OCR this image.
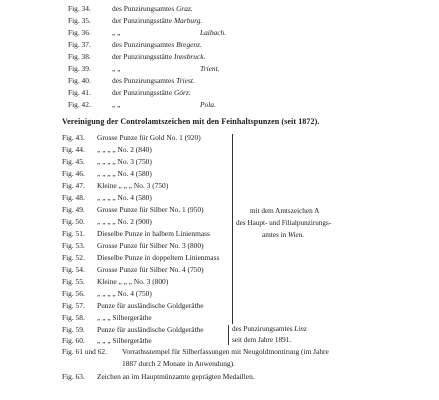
Fig. 34.	des Punzirungsamtes Graz.
Fig. 35.	der Punzirungsstätte Marburg.
Fig. 36.	„ „	Laibach.
Fig. 37.	des Punzirungsamtes Bregenz.
Fig. 38.	der Punzirungsstätte Innsbruck.
Fig. 39.	„ „	Trient.
Fig. 40.	des Punzirungsamtes Triest.
Fig. 41.	der Punzirungsstätte Görz.
Fig. 42.	„ „	Pola.
Vereinigung der Controlamtszeichen mit den Feinhaltspunzen (seit 1872).
Fig. 43. Grosse Punze für Gold No. 1 (920)
Fig. 44. „ „ „ „ No. 2 (840)
Fig. 45. „ „ „ „ No. 3 (750)
Fig. 46. „ „ „ „ No. 4 (580)
Fig. 47. Kleine „ „ „ No. 3 (750)
Fig. 48. „ „ „ „ No. 4 (580)
Fig. 49. Grosse Punze für Silber No. 1 (950)
Fig. 50. „ „ „ „ No. 2 (900)
Fig. 51. Dieselbe Punze in halbem Linienmass
Fig. 53. Grosse Punze für Silber No. 3 (800)
Fig. 52. Dieselbe Punze in doppeltem Linienmass
Fig. 54. Grosse Punze für Silber No. 4 (750)
Fig. 55. Kleine „ „ „ No. 3 (800)
Fig. 56. „ „ „ „ No. 4 (750)
Fig. 57. Punze für ausländische Goldgeräthe
Fig. 58. „ „ „ Silbergeräthe
mit dem Amtszeichen A
des Haupt- und Filialpunzirungs-
amtes in Wien.
Fig. 59. Punze für ausländische Goldgeräthe	des Punzirungsamtes Linz
Fig. 60. „ „ „ Silbergeräthe	seit dem Jahre 1891.
Fig. 61 und 62. Vorrathsstempel für Silberfassungen mit Neugoldmontirung (im Jahre
1887 durch 2 Monate in Anwendung).
Fig. 63. Zeichen an im Hauptmünzamte geprägten Medaillen.
